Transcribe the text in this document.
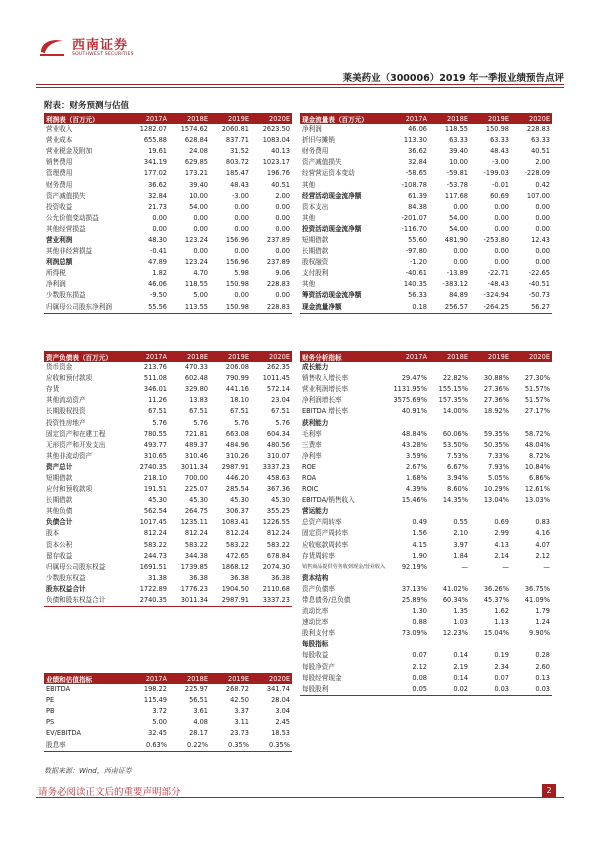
西南证券
SOUTHWEST SECURITIES
莱美药业（300006）2019 年一季报业绩预告点评
附表：财务预测与估值
利润表（百万元）	2017A	2018E	2019E	2020E
营业收入	1282.07	1574.62	2060.81	2623.50
营业成本	655.88	628.84	837.71	1083.04
营业税金及附加	19.61	24.08	31.52	40.13
销售费用	341.19	629.85	803.72	1023.17
管理费用	177.02	173.21	185.47	196.76
财务费用	36.62	39.40	48.43	40.51
资产减值损失	32.84	10.00	-3.00	2.00
投资收益	21.73	54.00	0.00	0.00
公允价值变动损益	0.00	0.00	0.00	0.00
其他经营损益	0.00	0.00	0.00	0.00
营业利润	48.30	123.24	156.96	237.89
其他非经营损益	-0.41	0.00	0.00	0.00
利润总额	47.89	123.24	156.96	237.89
所得税	1.82	4.70	5.98	9.06
净利润	46.06	118.55	150.98	228.83
少数股东损益	-9.50	5.00	0.00	0.00
归属母公司股东净利润	55.56	113.55	150.98	228.83
现金流量表（百万元）	2017A	2018E	2019E	2020E
净利润	46.06	118.55	150.98	228.83
折旧与摊销	113.30	63.33	63.33	63.33
财务费用	36.62	39.40	48.43	40.51
资产减值损失	32.84	10.00	-3.00	2.00
经营营运资本变动	-58.65	-59.81	-199.03	-228.09
其他	-108.78	-53.78	-0.01	0.42
经营活动现金流净额	61.39	117.68	60.69	107.00
资本支出	84.38	0.00	0.00	0.00
其他	-201.07	54.00	0.00	0.00
投资活动现金流净额	-116.70	54.00	0.00	0.00
短期借款	55.60	481.90	-253.80	12.43
长期借款	-97.80	0.00	0.00	0.00
股权融资	-1.20	0.00	0.00	0.00
支付股利	-40.61	-13.89	-22.71	-22.65
其他	140.35	-383.12	-48.43	-40.51
筹资活动现金流净额	56.33	84.89	-324.94	-50.73
现金流量净额	0.18	256.57	-264.25	56.27
资产负债表（百万元）	2017A	2018E	2019E	2020E
货币资金	213.76	470.33	206.08	262.35
应收和预付款项	511.08	602.48	790.99	1011.45
存货	346.01	329.80	441.16	572.14
其他流动资产	11.26	13.83	18.10	23.04
长期股权投资	67.51	67.51	67.51	67.51
投资性房地产	5.76	5.76	5.76	5.76
固定资产和在建工程	780.55	721.81	663.08	604.34
无形资产和开发支出	493.77	489.37	484.96	480.56
其他非流动资产	310.65	310.46	310.26	310.07
资产总计	2740.35	3011.34	2987.91	3337.23
短期借款	218.10	700.00	446.20	458.63
应付和预收款项	191.51	225.07	285.54	367.36
长期借款	45.30	45.30	45.30	45.30
其他负债	562.54	264.75	306.37	355.25
负债合计	1017.45	1235.11	1083.41	1226.55
股本	812.24	812.24	812.24	812.24
资本公积	583.22	583.22	583.22	583.22
留存收益	244.73	344.38	472.65	678.84
归属母公司股东权益	1691.51	1739.85	1868.12	2074.30
少数股东权益	31.38	36.38	36.38	36.38
股东权益合计	1722.89	1776.23	1904.50	2110.68
负债和股东权益合计	2740.35	3011.34	2987.91	3337.23
财务分析指标	2017A	2018E	2019E	2020E
成长能力				
销售收入增长率	29.47%	22.82%	30.88%	27.30%
营业利润增长率	1131.95%	155.15%	27.36%	51.57%
净利润增长率	3575.69%	157.35%	27.36%	51.57%
EBITDA 增长率	40.91%	14.00%	18.92%	27.17%
获利能力				
毛利率	48.84%	60.06%	59.35%	58.72%
三费率	43.28%	53.50%	50.35%	48.04%
净利率	3.59%	7.53%	7.33%	8.72%
ROE	2.67%	6.67%	7.93%	10.84%
ROA	1.68%	3.94%	5.05%	6.86%
ROIC	4.39%	8.60%	10.29%	12.61%
EBITDA/销售收入	15.46%	14.35%	13.04%	13.03%
营运能力				
总资产周转率	0.49	0.55	0.69	0.83
固定资产周转率	1.56	2.10	2.99	4.16
应收账款周转率	4.15	3.97	4.13	4.07
存货周转率	1.90	1.84	2.14	2.12
销售商品提供劳务收到现金/营业收入	92.19%	—	—	—
资本结构				
资产负债率	37.13%	41.02%	36.26%	36.75%
带息债务/总负债	25.89%	60.34%	45.37%	41.09%
流动比率	1.30	1.35	1.62	1.79
速动比率	0.88	1.03	1.13	1.24
股利支付率	73.09%	12.23%	15.04%	9.90%
每股指标				
每股收益	0.07	0.14	0.19	0.28
每股净资产	2.12	2.19	2.34	2.60
每股经营现金	0.08	0.14	0.07	0.13
每股股利	0.05	0.02	0.03	0.03
业绩和估值指标	2017A	2018E	2019E	2020E
EBITDA	198.22	225.97	268.72	341.74
PE	115.49	56.51	42.50	28.04
PB	3.72	3.61	3.37	3.04
PS	5.00	4.08	3.11	2.45
EV/EBITDA	32.45	28.17	23.73	18.53
股息率	0.63%	0.22%	0.35%	0.35%
数据来源：Wind，西南证券
请务必阅读正文后的重要声明部分	2
